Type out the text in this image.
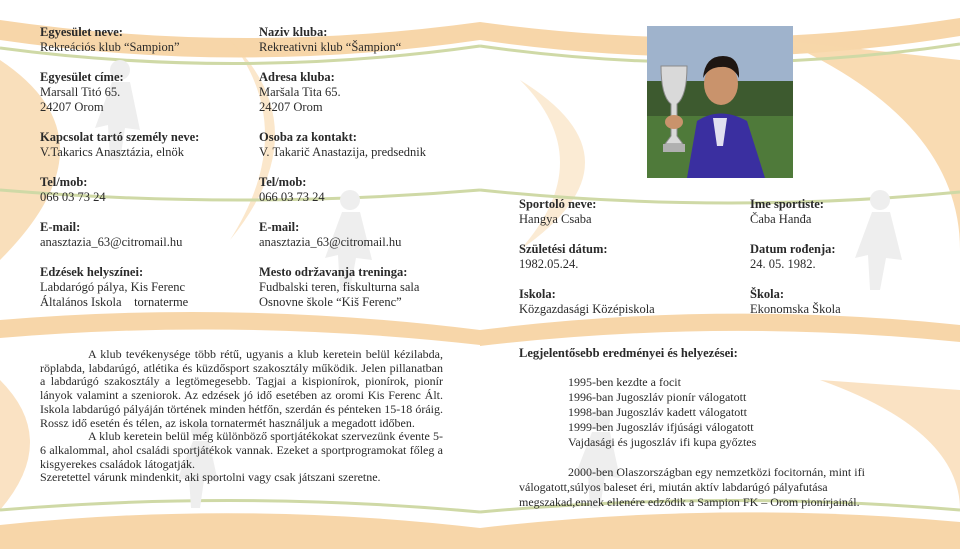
Egyesület neve:
Rekreációs klub “Sampion”
Egyesület címe:
Marsall Titó 65.
24207 Orom
Kapcsolat tartó személy neve:
V.Takarics Anasztázia, elnök
Tel/mob:
066 03 73 24
E-mail:
anasztazia_63@citromail.hu
Edzések helyszínei:
Labdarógó pálya, Kis Ferenc
Általános Iskola    tornaterme
Naziv kluba:
Rekreativni klub “Šampion“
Adresa kluba:
Maršala Tita 65.
24207 Orom
Osoba za kontakt:
V. Takarič Anastazija, predsednik
Tel/mob:
066 03 73 24
E-mail:
anasztazia_63@citromail.hu
Mesto održavanja treninga:
Fudbalski teren, fiskulturna sala
Osnovne škole “Kiš Ferenc”
Sportoló neve:
Hangya Csaba
Születési dátum:
1982.05.24.
Iskola:
Közgazdasági Középiskola
Ime sportiste:
Čaba Hanđa
Datum rođenja:
24. 05. 1982.
Škola:
Ekonomska Škola

A klub tevékenysége több rétű, ugyanis a klub keretein belül kézilabda, röplabda, labdarúgó, atlétika és küzdősport szakosztály működik. Jelen pillanatban a labdarúgó szakosztály a legtömegesebb. Tagjai a kispionírok, pionírok, pionír lányok valamint a szeniorok. Az edzések jó idő esetében az oromi Kis Ferenc Ált. Iskola labdarúgó pályáján történek minden hétfőn, szerdán és pénteken 15-18 óráig. Rossz idő esetén és télen, az iskola tornatermét használjuk a megadott időben.

A klub keretein belül még különböző sportjátékokat szervezünk évente 5-6 alkalommal, ahol családi sportjátékok vannak. Ezeket a sportprogramokat főleg a kisgyerekes családok látogatják.

Szeretettel várunk mindenkit, aki sportolni vagy csak játszani szeretne.

Legjelentősebb eredményei és helyezései:
1995-ben kezdte a focit
1996-ban Jugoszláv pionír válogatott
1998-ban Jugoszláv kadett válogatott
1999-ben Jugoszláv ifjúsági válogatott
Vajdasági és jugoszláv ifi kupa győztes
2000-ben Olaszországban egy nemzetközi focitornán, mint ifi
válogatott,súlyos baleset éri, miután aktív labdarúgó pályafutása
megszakad,ennek ellenére edződik a Sampion FK – Orom pionírjainál.
